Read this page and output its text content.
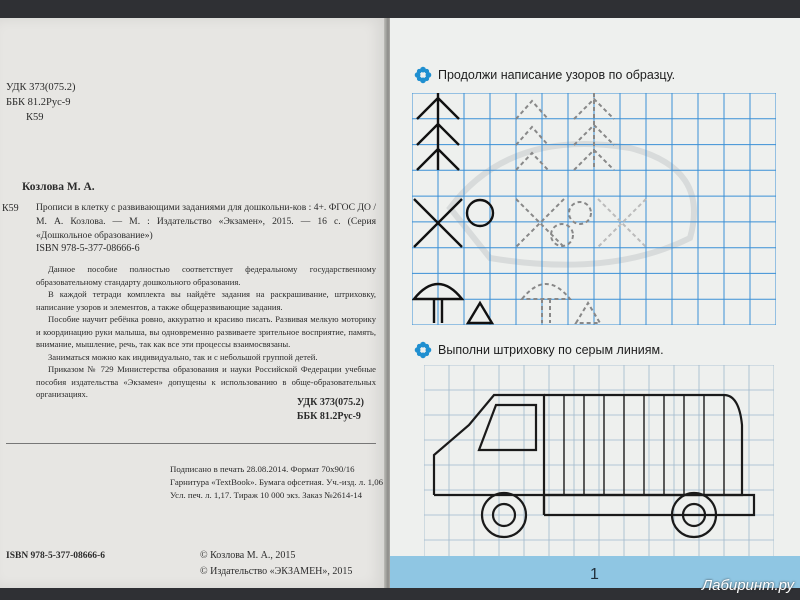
УДК 373(075.2)
ББК 81.2Рус-9
К59
Козлова М. А.
К59 Прописи в клетку с развивающими заданиями для дошкольни-ков : 4+. ФГОС ДО / М. А. Козлова. — М. : Издательство «Экзамен», 2015. — 16 с. (Серия «Дошкольное образование»)
ISBN 978-5-377-08666-6

Данное пособие полностью соответствует федеральному государственному образовательному стандарту дошкольного образования.

В каждой тетради комплекта вы найдёте задания на раскрашивание, штриховку, написание узоров и элементов, а также общеразвивающие задания.

Пособие научит ребёнка ровно, аккуратно и красиво писать. Развивая мелкую моторику и координацию руки малыша, вы одновременно развиваете зрительное восприятие, память, внимание, мышление, речь, так как все эти процессы взаимосвязаны.

Заниматься можно как индивидуально, так и с небольшой группой детей.

Приказом № 729 Министерства образования и науки Российской Федерации учебные пособия издательства «Экзамен» допущены к использованию в обще-образовательных организациях.

УДК 373(075.2)
ББК 81.2Рус-9
Подписано в печать 28.08.2014. Формат 70x90/16
Гарнитура «TextBook». Бумага офсетная. Уч.-изд. л. 1,06
Усл. печ. л. 1,17. Тираж 10 000 экз. Заказ №2614-14
ISBN 978-5-377-08666-6	© Козлова М. А., 2015
© Издательство «ЭКЗАМЕН», 2015
Продолжи написание узоров по образцу.
Выполни штриховку по серым линиям.
1
Лабиринт.ру
